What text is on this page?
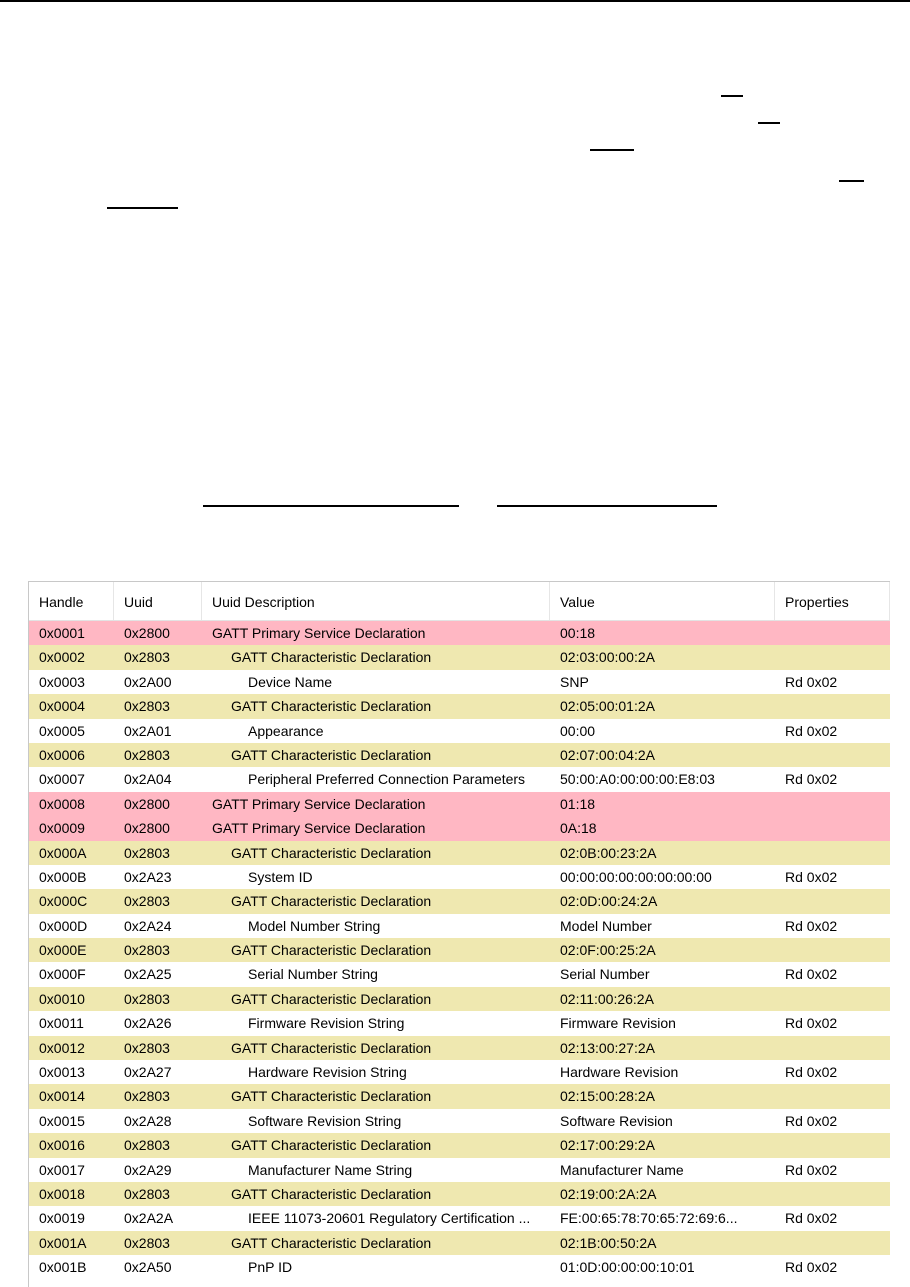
Handle	Uuid	Uuid Description	Value	Properties
0x0001	0x2800	GATT Primary Service Declaration	00:18
0x0002	0x2803	GATT Characteristic Declaration	02:03:00:00:2A
0x0003	0x2A00	Device Name	SNP	Rd 0x02
0x0004	0x2803	GATT Characteristic Declaration	02:05:00:01:2A
0x0005	0x2A01	Appearance	00:00	Rd 0x02
0x0006	0x2803	GATT Characteristic Declaration	02:07:00:04:2A
0x0007	0x2A04	Peripheral Preferred Connection Parameters	50:00:A0:00:00:00:E8:03	Rd 0x02
0x0008	0x2800	GATT Primary Service Declaration	01:18
0x0009	0x2800	GATT Primary Service Declaration	0A:18
0x000A	0x2803	GATT Characteristic Declaration	02:0B:00:23:2A
0x000B	0x2A23	System ID	00:00:00:00:00:00:00:00	Rd 0x02
0x000C	0x2803	GATT Characteristic Declaration	02:0D:00:24:2A
0x000D	0x2A24	Model Number String	Model Number	Rd 0x02
0x000E	0x2803	GATT Characteristic Declaration	02:0F:00:25:2A
0x000F	0x2A25	Serial Number String	Serial Number	Rd 0x02
0x0010	0x2803	GATT Characteristic Declaration	02:11:00:26:2A
0x0011	0x2A26	Firmware Revision String	Firmware Revision	Rd 0x02
0x0012	0x2803	GATT Characteristic Declaration	02:13:00:27:2A
0x0013	0x2A27	Hardware Revision String	Hardware Revision	Rd 0x02
0x0014	0x2803	GATT Characteristic Declaration	02:15:00:28:2A
0x0015	0x2A28	Software Revision String	Software Revision	Rd 0x02
0x0016	0x2803	GATT Characteristic Declaration	02:17:00:29:2A
0x0017	0x2A29	Manufacturer Name String	Manufacturer Name	Rd 0x02
0x0018	0x2803	GATT Characteristic Declaration	02:19:00:2A:2A
0x0019	0x2A2A	IEEE 11073-20601 Regulatory Certification ...	FE:00:65:78:70:65:72:69:6...	Rd 0x02
0x001A	0x2803	GATT Characteristic Declaration	02:1B:00:50:2A
0x001B	0x2A50	PnP ID	01:0D:00:00:00:10:01	Rd 0x02
